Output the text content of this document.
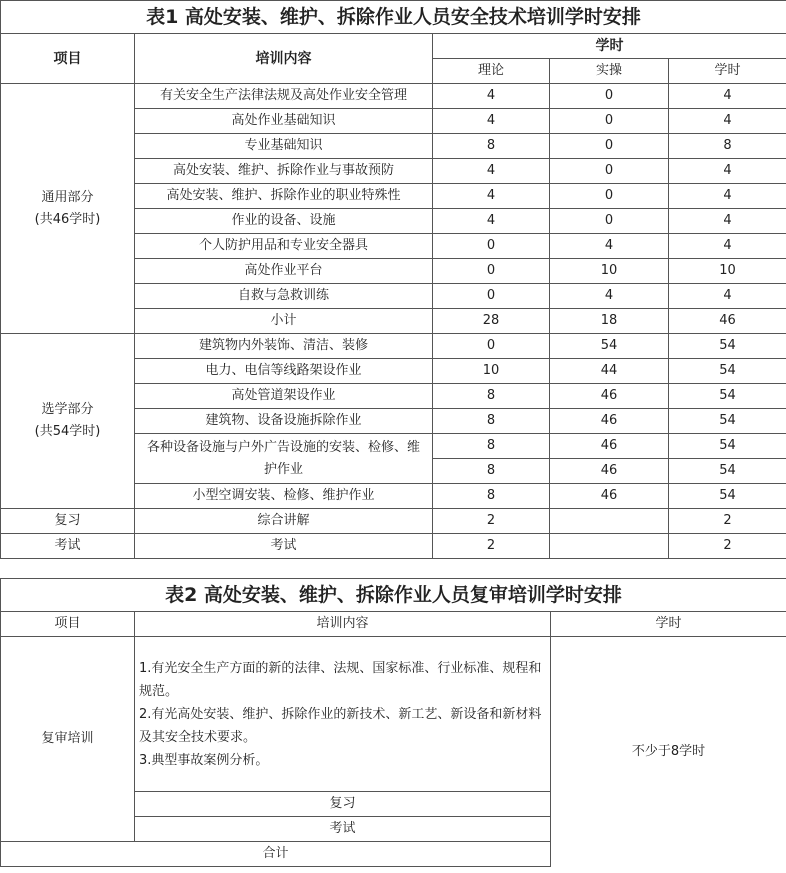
表1 高处安装、维护、拆除作业人员安全技术培训学时安排				
项目	培训内容	学时		
		理论	实操	学时

通用部分
(共46学时)	有关安全生产法律法规及高处作业安全管理	4	0	4
	高处作业基础知识	4	0	4
	专业基础知识	8	0	8
	高处安装、维护、拆除作业与事故预防	4	0	4
	高处安装、维护、拆除作业的职业特殊性	4	0	4
	作业的设备、设施	4	0	4
	个人防护用品和专业安全器具	0	4	4
	高处作业平台	0	10	10
	自救与急救训练	0	4	4
	小计	28	18	46

选学部分
(共54学时)	建筑物内外装饰、清洁、装修	0	54	54
	电力、电信等线路架设作业	10	44	54
	高处管道架设作业	8	46	54
	建筑物、设备设施拆除作业	8	46	54
	各种设备设施与户外广告设施的安装、检修、维护作业	8	46	54
		8	46	54
	小型空调安装、检修、维护作业	8	46	54
复习	综合讲解	2		2
考试	考试	2		2
表2 高处安装、维护、拆除作业人员复审培训学时安排		
项目	培训内容	学时
复审培训	1.有光安全生产方面的新的法律、法规、国家标准、行业标准、规程和规范。
2.有光高处安装、维护、拆除作业的新技术、新工艺、新设备和新材料及其安全技术要求。
3.典型事故案例分析。	不少于8学时
	复习	
	考试	
合计		
